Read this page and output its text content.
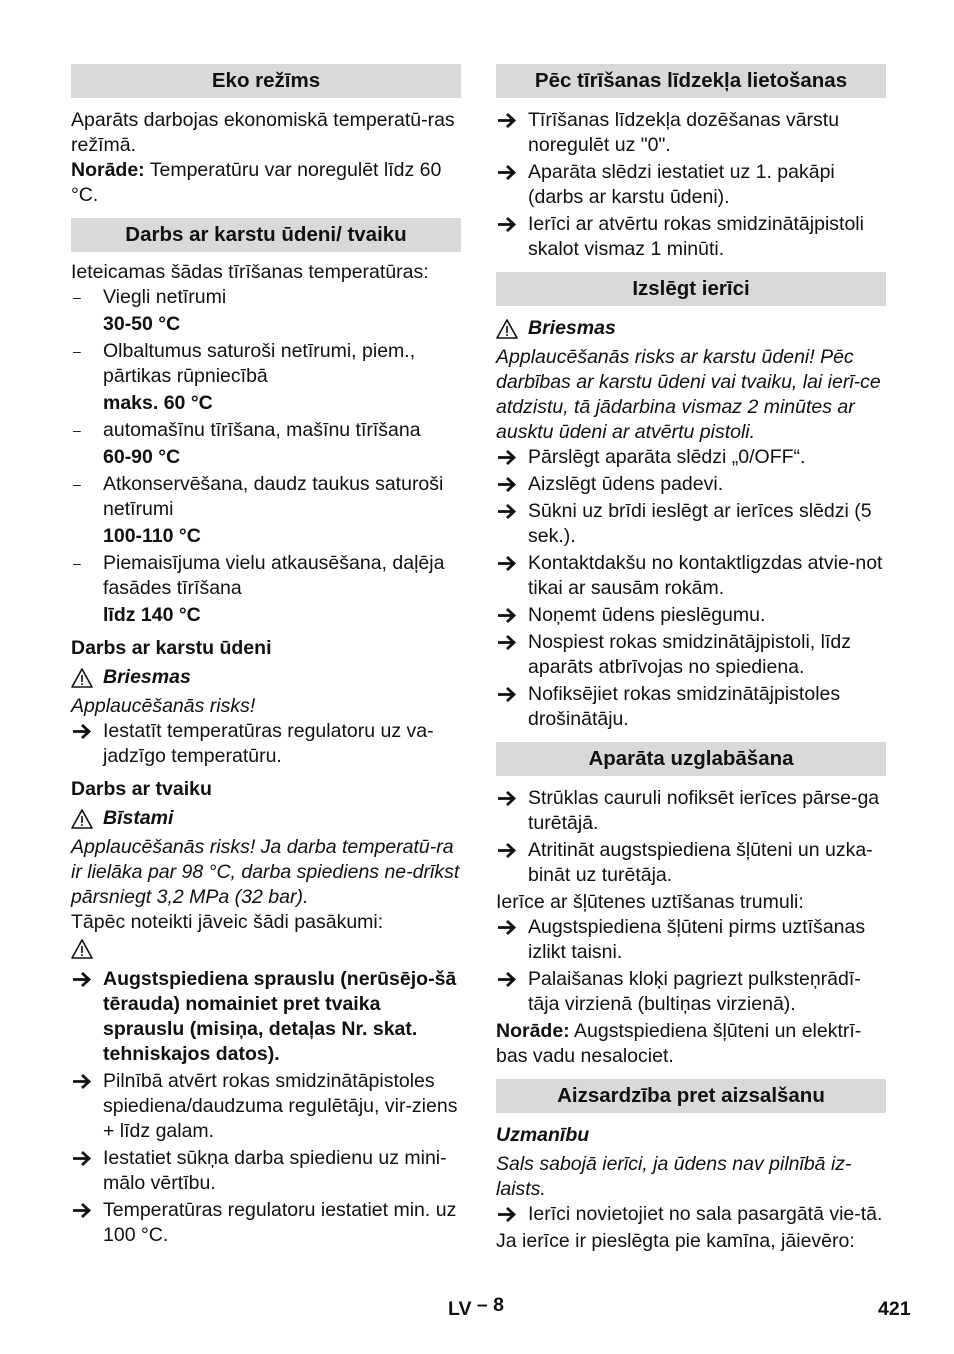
Eko režīms

Aparāts darbojas ekonomiskā temperatū-ras režīmā.

Norāde: Temperatūru var noregulēt līdz 60 °C.

Darbs ar karstu ūdeni/ tvaiku

Ieteicamas šādas tīrīšanas temperatūras:

–	Viegli netīrumi
30-50 °C
–	Olbaltumus saturoši netīrumi, piem., pārtikas rūpniecībā
maks. 60 °C
–	automašīnu tīrīšana, mašīnu tīrīšana
60-90 °C
–	Atkonservēšana, daudz taukus saturoši netīrumi
100-110 °C
–	Piemaisījuma vielu atkausēšana, daļēja fasādes tīrīšana
līdz 140 °C
Darbs ar karstu ūdeni
Briesmas

Applaucēšanās risks!

Iestatīt temperatūras regulatoru uz va-jadzīgo temperatūru.
Darbs ar tvaiku
Bīstami

Applaucēšanās risks! Ja darba temperatū-ra ir lielāka par 98 °C, darba spiediens ne-drīkst pārsniegt 3,2 MPa (32 bar).

Tāpēc noteikti jāveic šādi pasākumi:

Augstspiediena sprauslu (nerūsējo-šā tērauda) nomainiet pret tvaika sprauslu (misiņa, detaļas Nr. skat. tehniskajos datos).
Pilnībā atvērt rokas smidzinātāpistoles spiediena/daudzuma regulētāju, vir-ziens + līdz galam.
Iestatiet sūkņa darba spiedienu uz mini-mālo vērtību.
Temperatūras regulatoru iestatiet min. uz 100 °C.
Pēc tīrīšanas līdzekļa lietošanas
Tīrīšanas līdzekļa dozēšanas vārstu noregulēt uz "0".
Aparāta slēdzi iestatiet uz 1. pakāpi (darbs ar karstu ūdeni).
Ierīci ar atvērtu rokas smidzinātājpistoli skalot vismaz 1 minūti.
Izslēgt ierīci
Briesmas

Applaucēšanās risks ar karstu ūdeni! Pēc darbības ar karstu ūdeni vai tvaiku, lai ierī-ce atdzistu, tā jādarbina vismaz 2 minūtes ar ausktu ūdeni ar atvērtu pistoli.

Pārslēgt aparāta slēdzi „0/OFF“.
Aizslēgt ūdens padevi.
Sūkni uz brīdi ieslēgt ar ierīces slēdzi (5 sek.).
Kontaktdakšu no kontaktligzdas atvie-not tikai ar sausām rokām.
Noņemt ūdens pieslēgumu.
Nospiest rokas smidzinātājpistoli, līdz aparāts atbrīvojas no spiediena.
Nofiksējiet rokas smidzinātājpistoles drošinātāju.
Aparāta uzglabāšana
Strūklas cauruli nofiksēt ierīces pārse-ga turētājā.
Atritināt augstspiediena šļūteni un uzka-bināt uz turētāja.

Ierīce ar šļūtenes uztīšanas trumuli:

Augstspiediena šļūteni pirms uztīšanas izlikt taisni.
Palaišanas kloķi pagriezt pulksteņrādī-tāja virzienā (bultiņas virzienā).

Norāde: Augstspiediena šļūteni un elektrī-bas vadu nesalociet.

Aizsardzība pret aizsalšanu
Uzmanību

Sals sabojā ierīci, ja ūdens nav pilnībā iz-laists.

Ierīci novietojiet no sala pasargātā vie-tā.

Ja ierīce ir pieslēgta pie kamīna, jāievēro:

LV – 8	421
